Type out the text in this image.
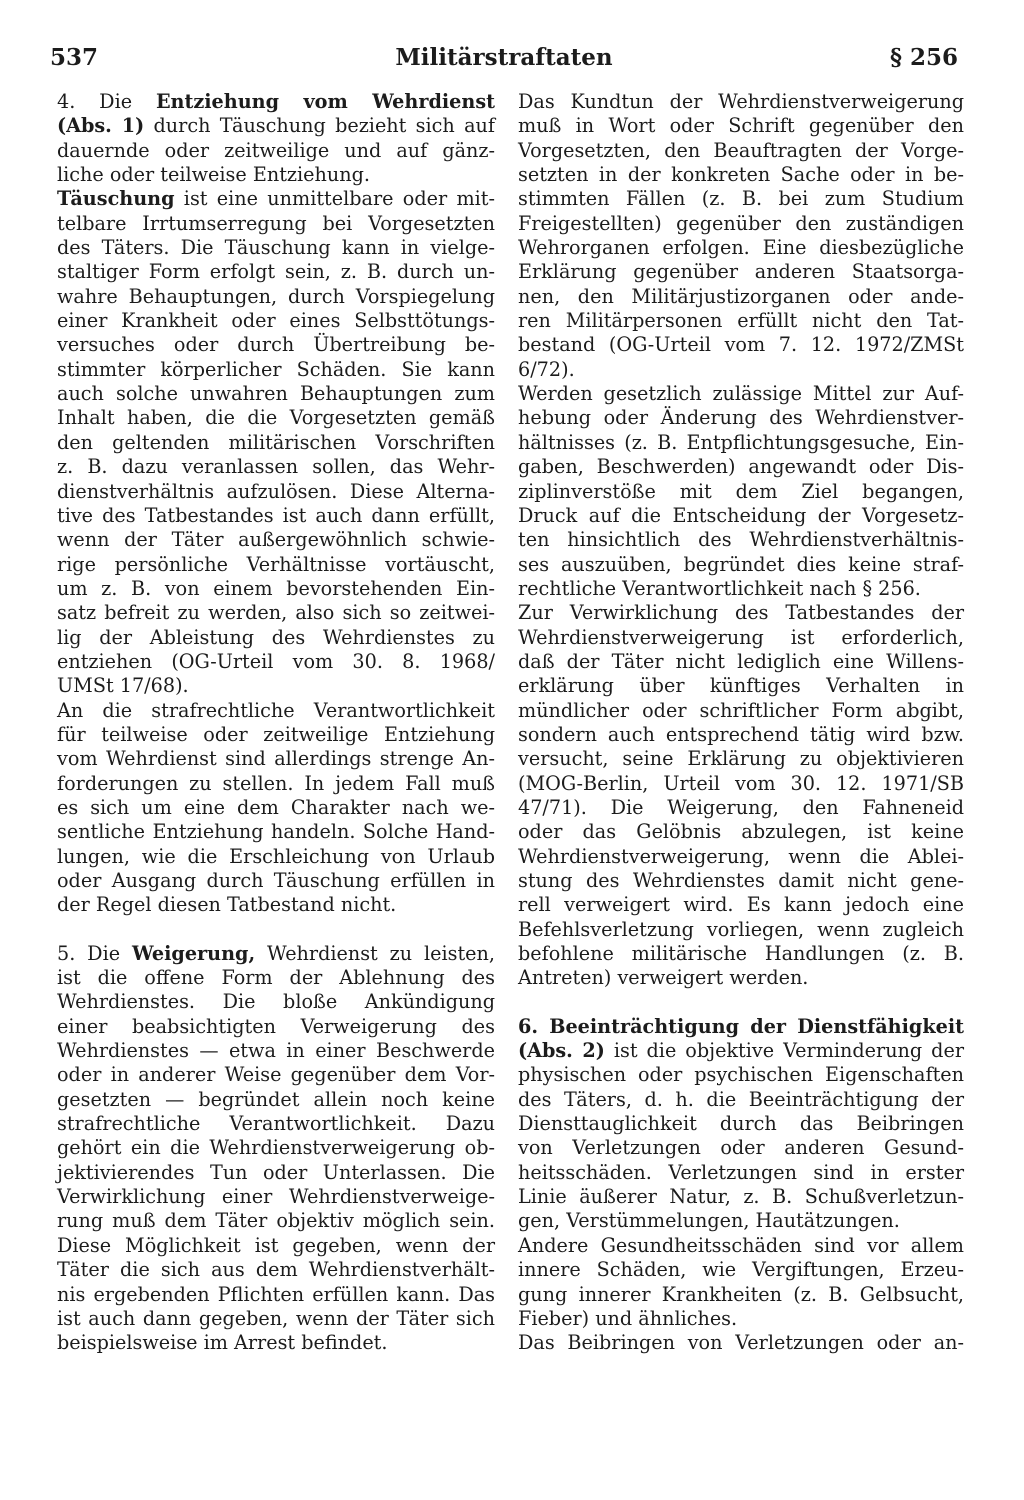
537	Militärstraftaten	§ 256
4. Die Entziehung vom Wehrdienst
(Abs. 1) durch Täuschung bezieht sich auf
dauernde oder zeitweilige und auf gänz-
liche oder teilweise Entziehung.
Täuschung ist eine unmittelbare oder mit-
telbare Irrtumserregung bei Vorgesetzten
des Täters. Die Täuschung kann in vielge-
staltiger Form erfolgt sein, z. B. durch un-
wahre Behauptungen, durch Vorspiegelung
einer Krankheit oder eines Selbsttötungs-
versuches oder durch Übertreibung be-
stimmter körperlicher Schäden. Sie kann
auch solche unwahren Behauptungen zum
Inhalt haben, die die Vorgesetzten gemäß
den geltenden militärischen Vorschriften
z. B. dazu veranlassen sollen, das Wehr-
dienstverhältnis aufzulösen. Diese Alterna-
tive des Tatbestandes ist auch dann erfüllt,
wenn der Täter außergewöhnlich schwie-
rige persönliche Verhältnisse vortäuscht,
um z. B. von einem bevorstehenden Ein-
satz befreit zu werden, also sich so zeitwei-
lig der Ableistung des Wehrdienstes zu
entziehen (OG-Urteil vom 30. 8. 1968/
UMSt 17/68).
An die strafrechtliche Verantwortlichkeit
für teilweise oder zeitweilige Entziehung
vom Wehrdienst sind allerdings strenge An-
forderungen zu stellen. In jedem Fall muß
es sich um eine dem Charakter nach we-
sentliche Entziehung handeln. Solche Hand-
lungen, wie die Erschleichung von Urlaub
oder Ausgang durch Täuschung erfüllen in
der Regel diesen Tatbestand nicht.
5. Die Weigerung, Wehrdienst zu leisten,
ist die offene Form der Ablehnung des
Wehrdienstes. Die bloße Ankündigung
einer beabsichtigten Verweigerung des
Wehrdienstes — etwa in einer Beschwerde
oder in anderer Weise gegenüber dem Vor-
gesetzten — begründet allein noch keine
strafrechtliche Verantwortlichkeit. Dazu
gehört ein die Wehrdienstverweigerung ob-
jektivierendes Tun oder Unterlassen. Die
Verwirklichung einer Wehrdienstverweige-
rung muß dem Täter objektiv möglich sein.
Diese Möglichkeit ist gegeben, wenn der
Täter die sich aus dem Wehrdienstverhält-
nis ergebenden Pflichten erfüllen kann. Das
ist auch dann gegeben, wenn der Täter sich
beispielsweise im Arrest befindet.
Das Kundtun der Wehrdienstverweigerung
muß in Wort oder Schrift gegenüber den
Vorgesetzten, den Beauftragten der Vorge-
setzten in der konkreten Sache oder in be-
stimmten Fällen (z. B. bei zum Studium
Freigestellten) gegenüber den zuständigen
Wehrorganen erfolgen. Eine diesbezügliche
Erklärung gegenüber anderen Staatsorga-
nen, den Militärjustizorganen oder ande-
ren Militärpersonen erfüllt nicht den Tat-
bestand (OG-Urteil vom 7. 12. 1972/ZMSt
6/72).
Werden gesetzlich zulässige Mittel zur Auf-
hebung oder Änderung des Wehrdienstver-
hältnisses (z. B. Entpflichtungsgesuche, Ein-
gaben, Beschwerden) angewandt oder Dis-
ziplinverstöße mit dem Ziel begangen,
Druck auf die Entscheidung der Vorgesetz-
ten hinsichtlich des Wehrdienstverhältnis-
ses auszuüben, begründet dies keine straf-
rechtliche Verantwortlichkeit nach § 256.
Zur Verwirklichung des Tatbestandes der
Wehrdienstverweigerung ist erforderlich,
daß der Täter nicht lediglich eine Willens-
erklärung über künftiges Verhalten in
mündlicher oder schriftlicher Form abgibt,
sondern auch entsprechend tätig wird bzw.
versucht, seine Erklärung zu objektivieren
(MOG-Berlin, Urteil vom 30. 12. 1971/SB
47/71). Die Weigerung, den Fahneneid
oder das Gelöbnis abzulegen, ist keine
Wehrdienstverweigerung, wenn die Ablei-
stung des Wehrdienstes damit nicht gene-
rell verweigert wird. Es kann jedoch eine
Befehlsverletzung vorliegen, wenn zugleich
befohlene militärische Handlungen (z. B.
Antreten) verweigert werden.
6. Beeinträchtigung der Dienstfähigkeit
(Abs. 2) ist die objektive Verminderung der
physischen oder psychischen Eigenschaften
des Täters, d. h. die Beeinträchtigung der
Diensttauglichkeit durch das Beibringen
von Verletzungen oder anderen Gesund-
heitsschäden. Verletzungen sind in erster
Linie äußerer Natur, z. B. Schußverletzun-
gen, Verstümmelungen, Hautätzungen.
Andere Gesundheitsschäden sind vor allem
innere Schäden, wie Vergiftungen, Erzeu-
gung innerer Krankheiten (z. B. Gelbsucht,
Fieber) und ähnliches.
Das Beibringen von Verletzungen oder an-
